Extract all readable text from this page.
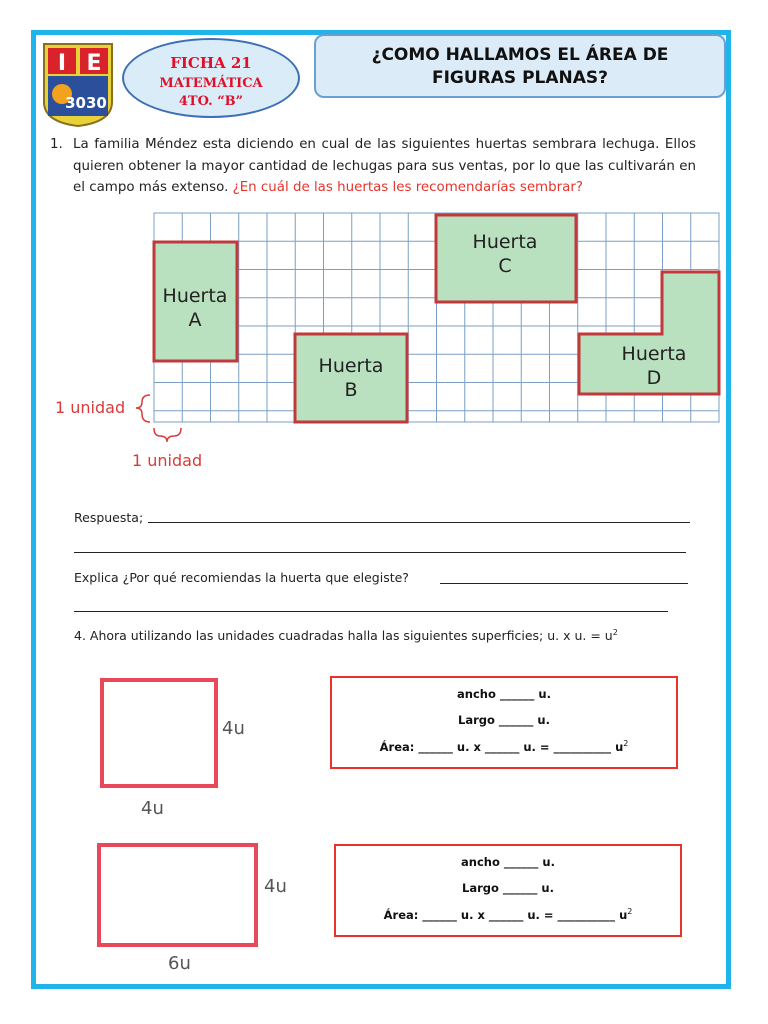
I E
3030
FICHA 21
MATEMÁTICA
4TO. “B”
¿COMO HALLAMOS EL ÁREA DE
FIGURAS PLANAS?
1. La familia Méndez esta diciendo en cual de las siguientes huertas sembrara lechuga. Ellos quieren obtener la mayor cantidad de lechugas para sus ventas, por lo que las cultivarán en el campo más extenso. ¿En cuál de las huertas les recomendarías sembrar?
Huerta
A
Huerta
B
Huerta
C
Huerta
D
1 unidad
1 unidad
Respuesta;
Explica ¿Por qué recomiendas la huerta que elegiste?
4. Ahora utilizando las unidades cuadradas halla las siguientes superficies; u. x u. = $u^2$
4u
4u
ancho ______ u.
Largo ______ u.
Área: ______ u. x ______ u. = __________ $u^2$
4u
6u
ancho ______ u.
Largo ______ u.
Área: ______ u. x ______ u. = __________ $u^2$
